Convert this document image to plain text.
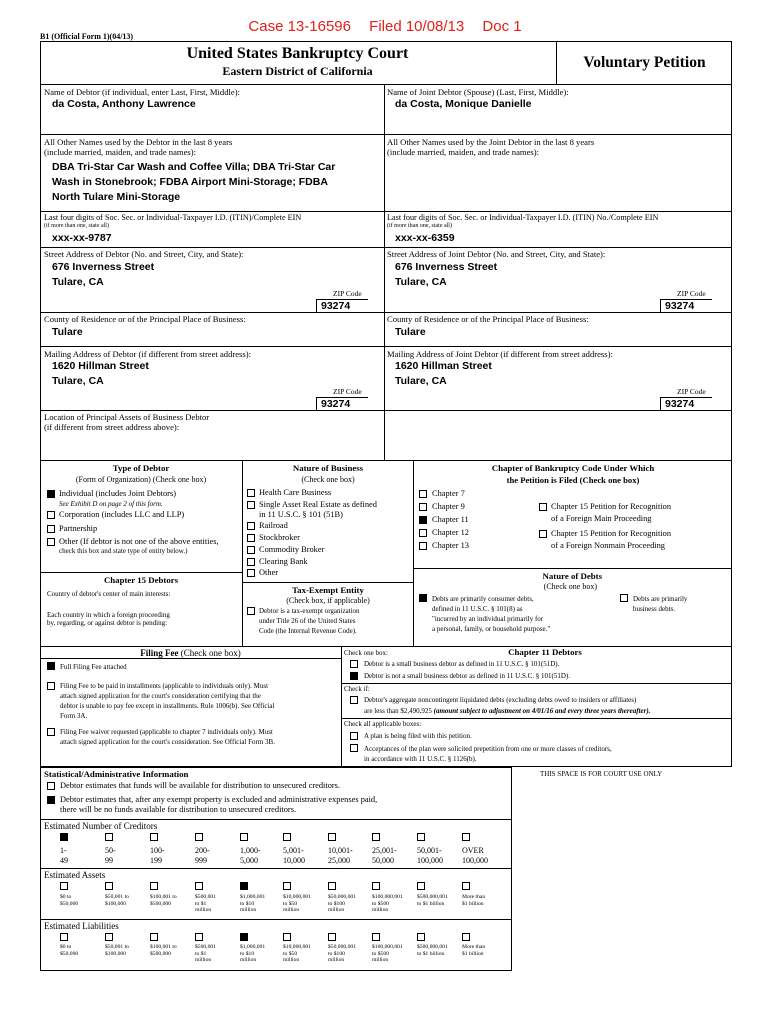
Case 13-16596 Filed 10/08/13 Doc 1
B1 (Official Form 1)(04/13)
United States Bankruptcy Court
Eastern District of California	Voluntary Petition
Name of Debtor (if individual, enter Last, First, Middle):
da Costa, Anthony Lawrence
Name of Joint Debtor (Spouse) (Last, First, Middle):
da Costa, Monique Danielle
All Other Names used by the Debtor in the last 8 years
(include married, maiden, and trade names):
DBA Tri-Star Car Wash and Coffee Villa; DBA Tri-Star Car
Wash in Stonebrook; FDBA Airport Mini-Storage; FDBA
North Tulare Mini-Storage
All Other Names used by the Joint Debtor in the last 8 years
(include married, maiden, and trade names):
Last four digits of Soc. Sec. or Individual-Taxpayer I.D. (ITIN)/Complete EIN
(if more than one, state all)
xxx-xx-9787
Last four digits of Soc. Sec. or Individual-Taxpayer I.D. (ITIN) No./Complete EIN
(if more than one, state all)
xxx-xx-6359
Street Address of Debtor (No. and Street, City, and State):
676 Inverness Street
Tulare, CA
ZIP Code
93274
Street Address of Joint Debtor (No. and Street, City, and State):
676 Inverness Street
Tulare, CA
ZIP Code
93274
County of Residence or of the Principal Place of Business:
Tulare
County of Residence or of the Principal Place of Business:
Tulare
Mailing Address of Debtor (if different from street address):
1620 Hillman Street
Tulare, CA
ZIP Code
93274
Mailing Address of Joint Debtor (if different from street address):
1620 Hillman Street
Tulare, CA
ZIP Code
93274
Location of Principal Assets of Business Debtor
(if different from street address above):
Type of Debtor
(Form of Organization) (Check one box)
Individual (includes Joint Debtors)
See Exhibit D on page 2 of this form.
Corporation (includes LLC and LLP)
Partnership
Other (If debtor is not one of the above entities,
check this box and state type of entity below.)
Chapter 15 Debtors
Country of debtor's center of main interests:
Each country in which a foreign proceeding
by, regarding, or against debtor is pending:
Nature of Business
(Check one box)
Health Care Business
Single Asset Real Estate as defined
in 11 U.S.C. § 101 (51B)
Railroad
Stockbroker
Commodity Broker
Clearing Bank
Other
Tax-Exempt Entity
(Check box, if applicable)
Debtor is a tax-exempt organization
under Title 26 of the United States
Code (the Internal Revenue Code).
Chapter of Bankruptcy Code Under Which
the Petition is Filed (Check one box)
Chapter 7
Chapter 9
Chapter 11
Chapter 12
Chapter 13
Chapter 15 Petition for Recognition
of a Foreign Main Proceeding
Chapter 15 Petition for Recognition
of a Foreign Nonmain Proceeding
Nature of Debts
(Check one box)
Debts are primarily consumer debts,
defined in 11 U.S.C. § 101(8) as
"incurred by an individual primarily for
a personal, family, or household purpose."
Debts are primarily
business debts.
Filing Fee (Check one box)
Full Filing Fee attached
Filing Fee to be paid in installments (applicable to individuals only). Must
attach signed application for the court's consideration certifying that the
debtor is unable to pay fee except in installments. Rule 1006(b). See Official
Form 3A.
Filing Fee waiver requested (applicable to chapter 7 individuals only). Must
attach signed application for the court's consideration. See Official Form 3B.
Check one box:	Chapter 11 Debtors
Debtor is a small business debtor as defined in 11 U.S.C. § 101(51D).
Debtor is not a small business debtor as defined in 11 U.S.C. § 101(51D).
Check if:
Debtor's aggregate noncontingent liquidated debts (excluding debts owed to insiders or affiliates)
are less than $2,490,925 (amount subject to adjustment on 4/01/16 and every three years thereafter).
Check all applicable boxes:
A plan is being filed with this petition.
Acceptances of the plan were solicited prepetition from one or more classes of creditors,
in accordance with 11 U.S.C. § 1126(b).
Statistical/Administrative Information	THIS SPACE IS FOR COURT USE ONLY
Debtor estimates that funds will be available for distribution to unsecured creditors.
Debtor estimates that, after any exempt property is excluded and administrative expenses paid,
there will be no funds available for distribution to unsecured creditors.
Estimated Number of Creditors
1-
49
50-
99
100-
199
200-
999
1,000-
5,000
5,001-
10,000
10,001-
25,000
25,001-
50,000
50,001-
100,000
OVER
100,000
Estimated Assets
$0 to
$50,000
$50,001 to
$100,000
$100,001 to
$500,000
$500,001
to $1
million
$1,000,001
to $10
million
$10,000,001
to $50
million
$50,000,001
to $100
million
$100,000,001
to $500
million
$500,000,001
to $1 billion
More than
$1 billion
Estimated Liabilities
$0 to
$50,000
$50,001 to
$100,000
$100,001 to
$500,000
$500,001
to $1
million
$1,000,001
to $10
million
$10,000,001
to $50
million
$50,000,001
to $100
million
$100,000,001
to $500
million
$500,000,001
to $1 billion
More than
$1 billion
